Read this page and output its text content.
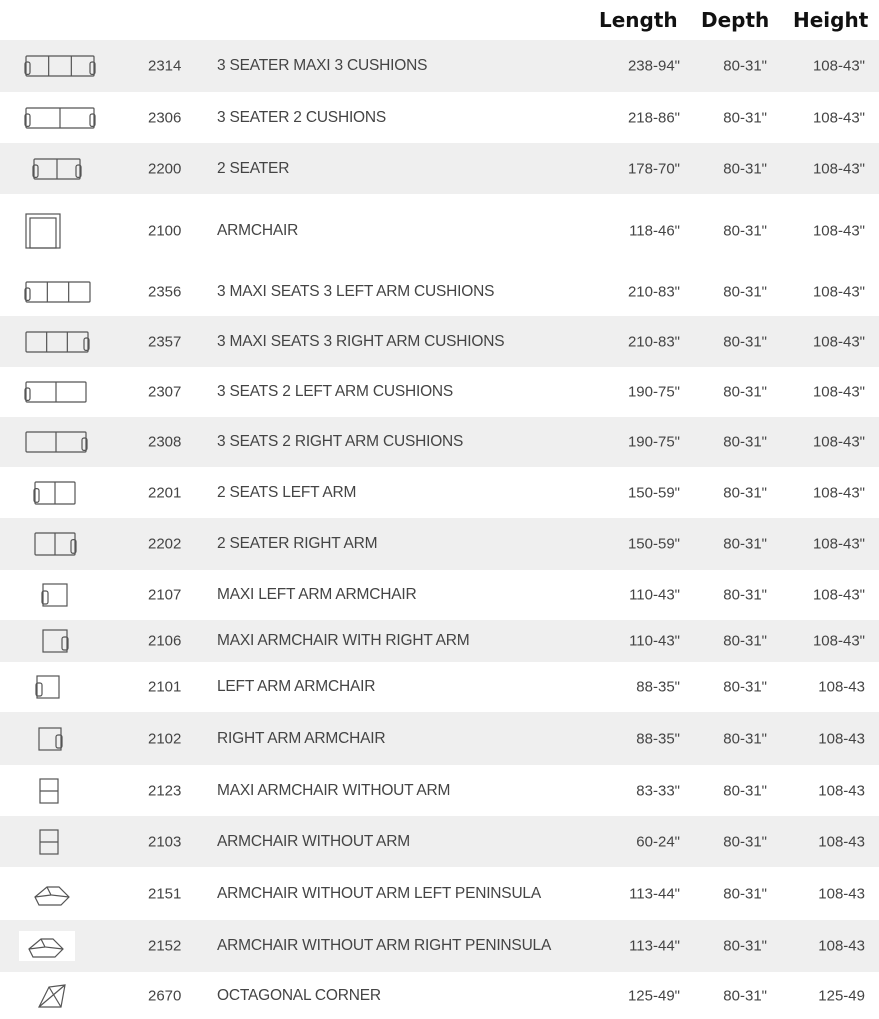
Length Depth Height
2314 3 SEATER MAXI 3 CUSHIONS	238-94"	80-31"	108-43"
2306 3 SEATER 2 CUSHIONS	218-86"	80-31"	108-43"
2200 2 SEATER	178-70"	80-31"	108-43"
2100 ARMCHAIR	118-46"	80-31"	108-43"
2356 3 MAXI SEATS 3 LEFT ARM CUSHIONS	210-83"	80-31"	108-43"
2357 3 MAXI SEATS 3 RIGHT ARM CUSHIONS	210-83"	80-31"	108-43"
2307 3 SEATS 2 LEFT ARM CUSHIONS	190-75"	80-31"	108-43"
2308 3 SEATS 2 RIGHT ARM CUSHIONS	190-75"	80-31"	108-43"
2201 2 SEATS LEFT ARM	150-59"	80-31"	108-43"
2202 2 SEATER RIGHT ARM	150-59"	80-31"	108-43"
2107 MAXI LEFT ARM ARMCHAIR	110-43"	80-31"	108-43"
2106 MAXI ARMCHAIR WITH RIGHT ARM	110-43"	80-31"	108-43"
2101 LEFT ARM ARMCHAIR	88-35"	80-31"	108-43
2102 RIGHT ARM ARMCHAIR	88-35"	80-31"	108-43
2123 MAXI ARMCHAIR WITHOUT ARM	83-33"	80-31"	108-43
2103 ARMCHAIR WITHOUT ARM	60-24"	80-31"	108-43
2151 ARMCHAIR WITHOUT ARM LEFT PENINSULA	113-44"	80-31"	108-43
2152 ARMCHAIR WITHOUT ARM RIGHT PENINSULA	113-44"	80-31"	108-43
2670 OCTAGONAL CORNER	125-49"	80-31"	125-49
